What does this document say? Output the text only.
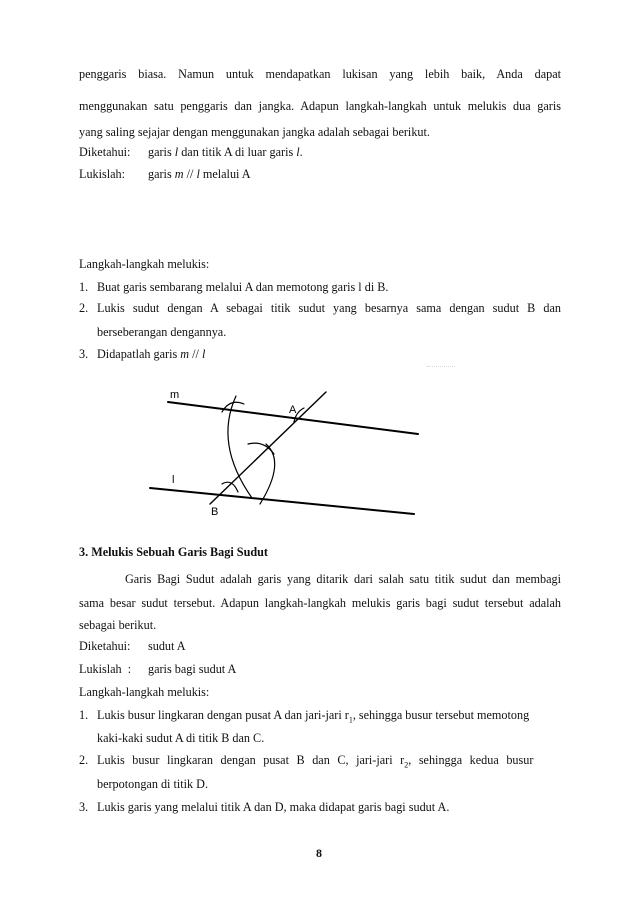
penggaris biasa. Namun untuk mendapatkan lukisan yang lebih baik, Anda dapat
menggunakan satu penggaris dan jangka. Adapun langkah-langkah untuk melukis dua garis
yang saling sejajar dengan menggunakan jangka adalah sebagai berikut.
Diketahui: garis l dan titik A di luar garis l.
Lukislah: garis m // l melalui A
Langkah-langkah melukis:
1. Buat garis sembarang melalui A dan memotong garis l di B.
2. Lukis sudut dengan A sebagai titik sudut yang besarnya sama dengan sudut B dan
berseberangan dengannya.
3. Didapatlah garis m // l
m
A
l
B
3. Melukis Sebuah Garis Bagi Sudut
Garis Bagi Sudut adalah garis yang ditarik dari salah satu titik sudut dan membagi
sama besar sudut tersebut. Adapun langkah-langkah melukis garis bagi sudut tersebut adalah
sebagai berikut.
Diketahui: sudut A
Lukislah  : garis bagi sudut A
Langkah-langkah melukis:
1. Lukis busur lingkaran dengan pusat A dan jari-jari $r_1$, sehingga busur tersebut memotong
kaki-kaki sudut A di titik B dan C.
2. Lukis busur lingkaran dengan pusat B dan C, jari-jari $r_2$, sehingga kedua busur
berpotongan di titik D.
3. Lukis garis yang melalui titik A dan D, maka didapat garis bagi sudut A.
8
